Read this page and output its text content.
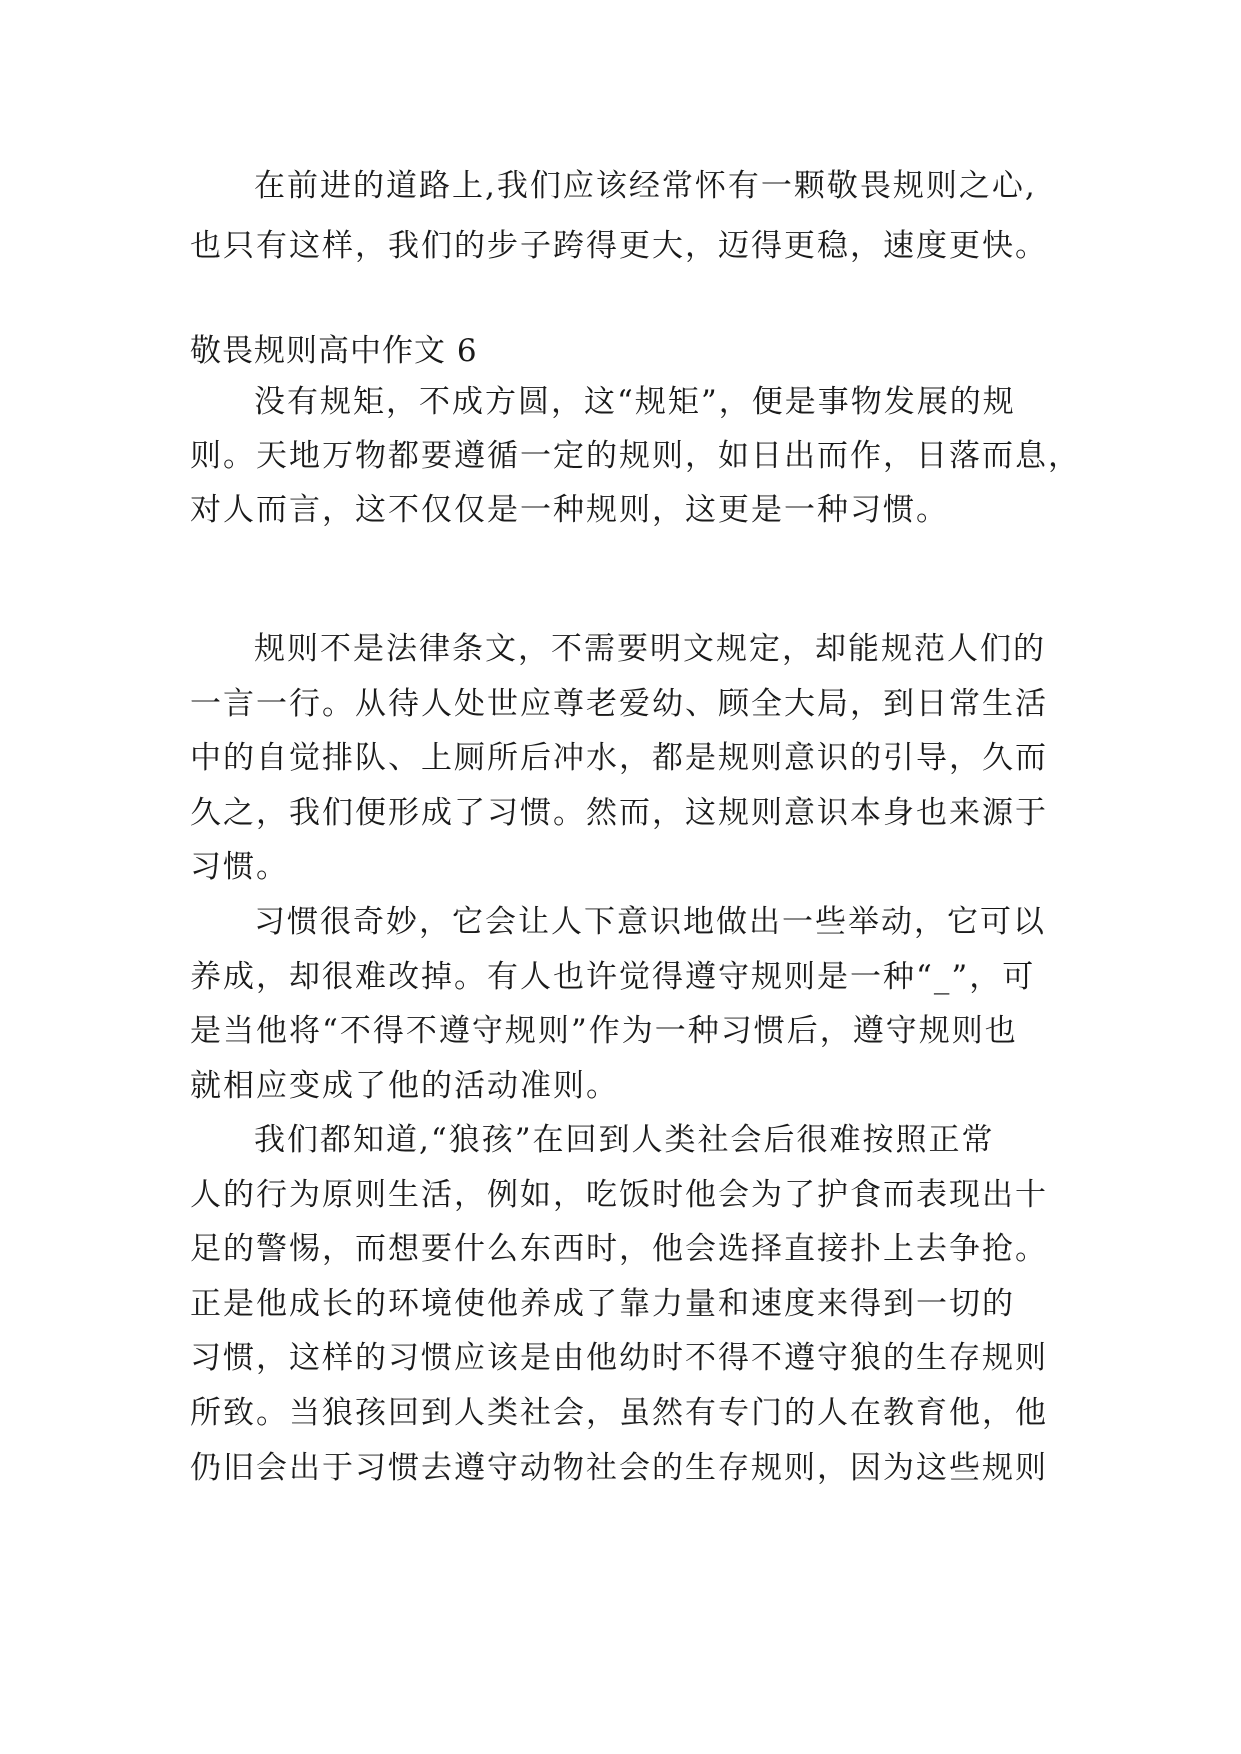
在前进的道路上,我们应该经常怀有一颗敬畏规则之心,
也只有这样，我们的步子跨得更大，迈得更稳，速度更快。
敬畏规则高中作文 6
没有规矩，不成方圆，这“规矩”，便是事物发展的规
则。天地万物都要遵循一定的规则，如日出而作，日落而息，
对人而言，这不仅仅是一种规则，这更是一种习惯。
规则不是法律条文，不需要明文规定，却能规范人们的
一言一行。从待人处世应尊老爱幼、顾全大局，到日常生活
中的自觉排队、上厕所后冲水，都是规则意识的引导，久而
久之，我们便形成了习惯。然而，这规则意识本身也来源于
习惯。
习惯很奇妙，它会让人下意识地做出一些举动，它可以
养成，却很难改掉。有人也许觉得遵守规则是一种“_”，可
是当他将“不得不遵守规则”作为一种习惯后，遵守规则也
就相应变成了他的活动准则。
我们都知道,“狼孩”在回到人类社会后很难按照正常
人的行为原则生活，例如，吃饭时他会为了护食而表现出十
足的警惕，而想要什么东西时，他会选择直接扑上去争抢。
正是他成长的环境使他养成了靠力量和速度来得到一切的
习惯，这样的习惯应该是由他幼时不得不遵守狼的生存规则
所致。当狼孩回到人类社会，虽然有专门的人在教育他，他
仍旧会出于习惯去遵守动物社会的生存规则，因为这些规则
